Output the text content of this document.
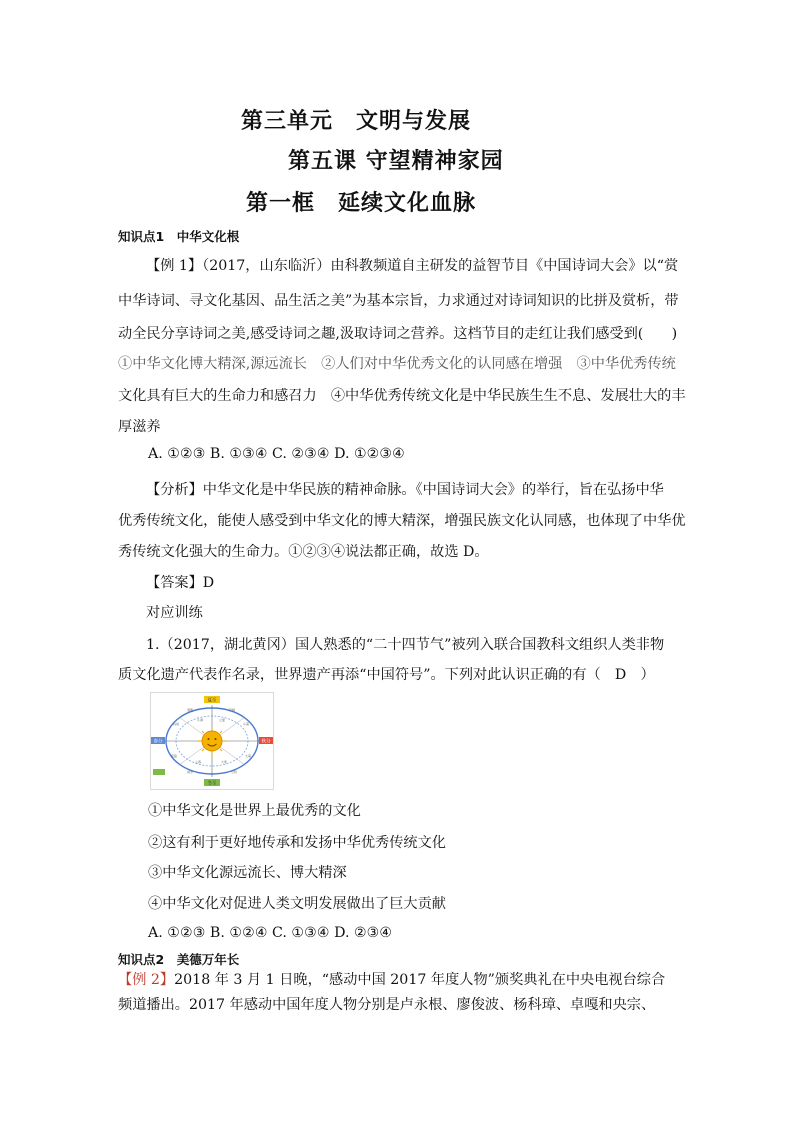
第三单元　文明与发展
第五课 守望精神家园
第一框　延续文化血脉
知识点1　中华文化根
【例 1】（2017，山东临沂）由科教频道自主研发的益智节目《中国诗词大会》以“赏
中华诗词、寻文化基因、品生活之美”为基本宗旨，力求通过对诗词知识的比拼及赏析，带
动全民分享诗词之美,感受诗词之趣,汲取诗词之营养。这档节目的走红让我们感受到(　　)
①中华文化博大精深,源远流长　②人们对中华优秀文化的认同感在增强　③中华优秀传统
文化具有巨大的生命力和感召力　④中华优秀传统文化是中华民族生生不息、发展壮大的丰
厚滋养
A. ①②③ B. ①③④ C. ②③④ D. ①②③④
【分析】中华文化是中华民族的精神命脉。《中国诗词大会》的举行，旨在弘扬中华
优秀传统文化，能使人感受到中华文化的博大精深，增强民族文化认同感，也体现了中华优
秀传统文化强大的生命力。①②③④说法都正确，故选 D。
【答案】D
对应训练
1.（2017，湖北黄冈）国人熟悉的“二十四节气”被列入联合国教科文组织人类非物
质文化遗产代表作名录，世界遗产再添“中国符号”。下列对此认识正确的有（　D　）
清明	芒种
谷雨	小暑
惊蛰	大暑
雨水	立秋
小满	立夏
立春	大寒
夏至
冬至
春分	秋分
①中华文化是世界上最优秀的文化
②这有利于更好地传承和发扬中华优秀传统文化
③中华文化源远流长、博大精深
④中华文化对促进人类文明发展做出了巨大贡献
A. ①②③ B. ①②④ C. ①③④ D. ②③④
知识点2　美德万年长
【例 2】2018 年 3 月 1 日晚，“感动中国 2017 年度人物”颁奖典礼在中央电视台综合
频道播出。2017 年感动中国年度人物分别是卢永根、廖俊波、杨科璋、卓嘎和央宗、
